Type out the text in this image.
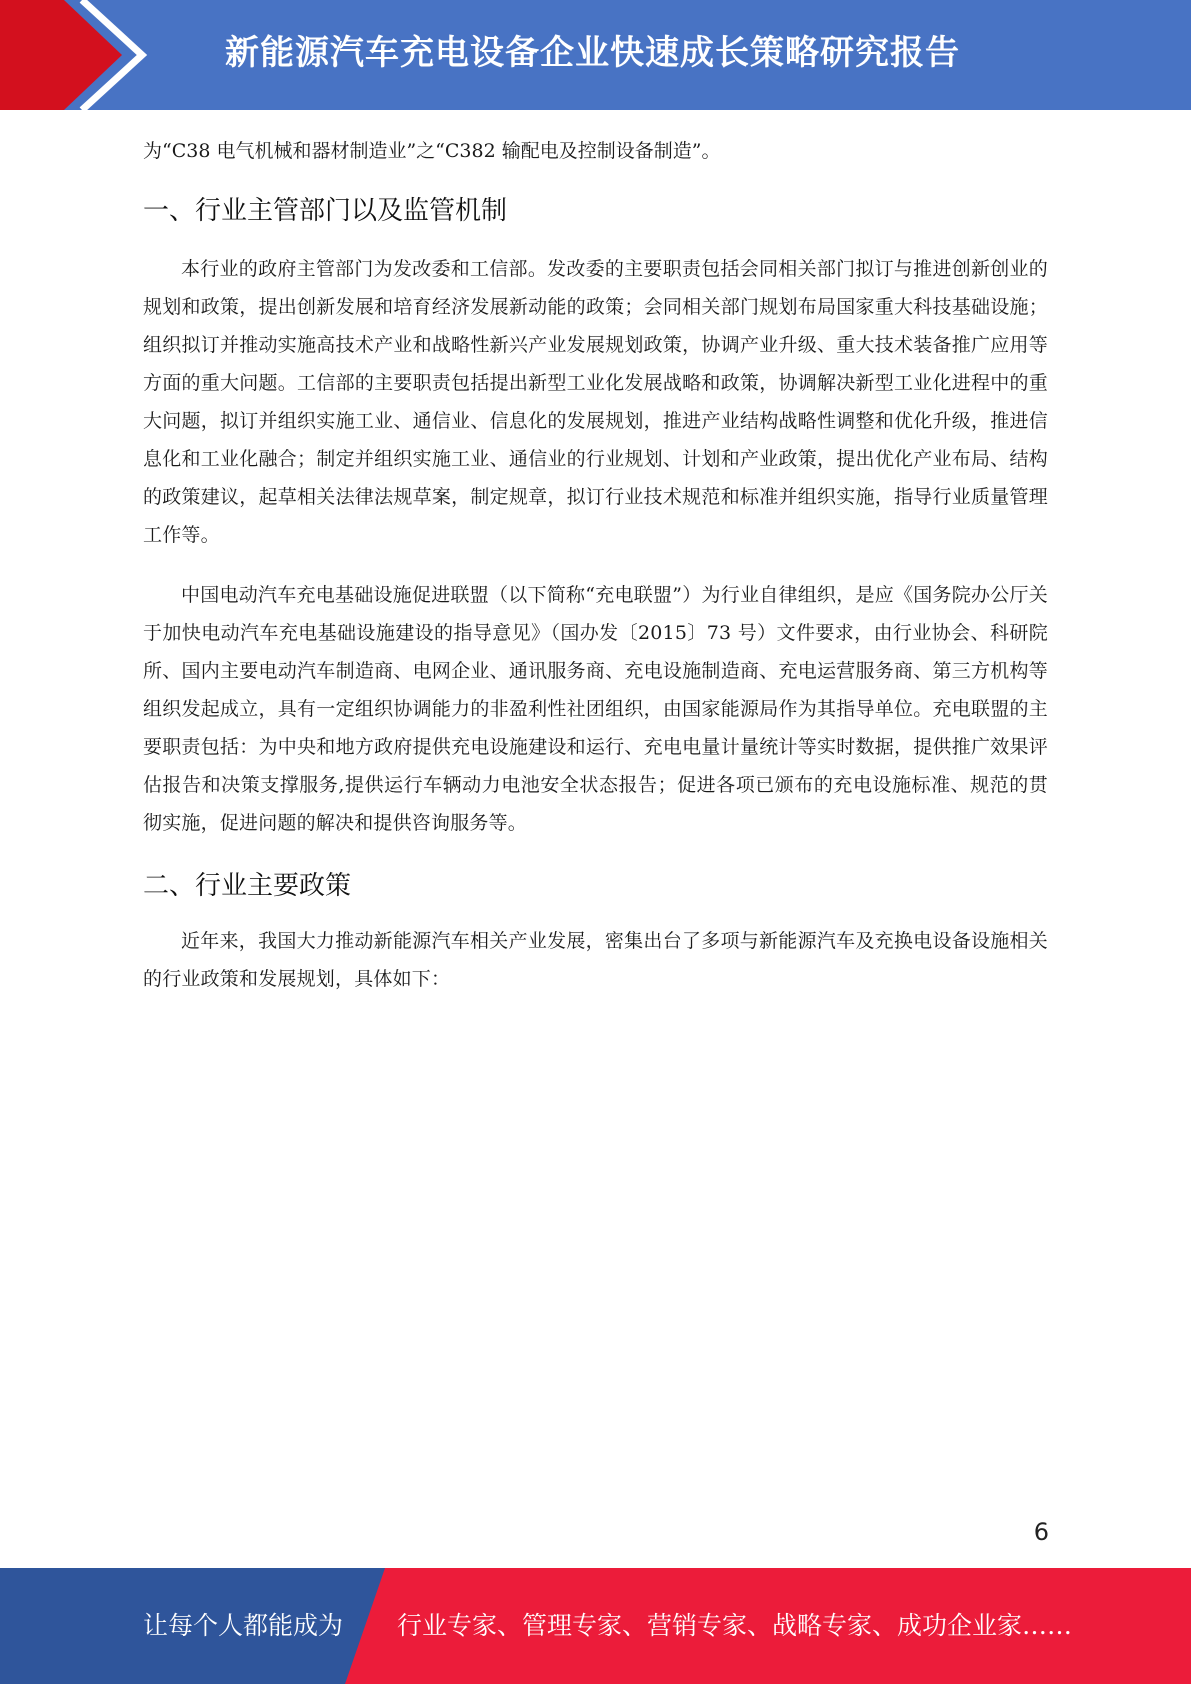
新能源汽车充电设备企业快速成长策略研究报告

为“C38 电气机械和器材制造业”之“C382 输配电及控制设备制造”。

一、行业主管部门以及监管机制

本行业的政府主管部门为发改委和工信部。发改委的主要职责包括会同相关部门拟订与推进创新创业的规划和政策，提出创新发展和培育经济发展新动能的政策；会同相关部门规划布局国家重大科技基础设施；组织拟订并推动实施高技术产业和战略性新兴产业发展规划政策，协调产业升级、重大技术装备推广应用等方面的重大问题。工信部的主要职责包括提出新型工业化发展战略和政策，协调解决新型工业化进程中的重大问题，拟订并组织实施工业、通信业、信息化的发展规划，推进产业结构战略性调整和优化升级，推进信息化和工业化融合；制定并组织实施工业、通信业的行业规划、计划和产业政策，提出优化产业布局、结构的政策建议，起草相关法律法规草案，制定规章，拟订行业技术规范和标准并组织实施，指导行业质量管理工作等。

中国电动汽车充电基础设施促进联盟（以下简称“充电联盟”）为行业自律组织，是应《国务院办公厅关于加快电动汽车充电基础设施建设的指导意见》（国办发〔2015〕73 号）文件要求，由行业协会、科研院所、国内主要电动汽车制造商、电网企业、通讯服务商、充电设施制造商、充电运营服务商、第三方机构等组织发起成立，具有一定组织协调能力的非盈利性社团组织，由国家能源局作为其指导单位。充电联盟的主要职责包括：为中央和地方政府提供充电设施建设和运行、充电电量计量统计等实时数据，提供推广效果评估报告和决策支撑服务,提供运行车辆动力电池安全状态报告；促进各项已颁布的充电设施标准、规范的贯彻实施，促进问题的解决和提供咨询服务等。

二、行业主要政策

近年来，我国大力推动新能源汽车相关产业发展，密集出台了多项与新能源汽车及充换电设备设施相关的行业政策和发展规划，具体如下：

6
让每个人都能成为 行业专家、管理专家、营销专家、战略专家、成功企业家……
